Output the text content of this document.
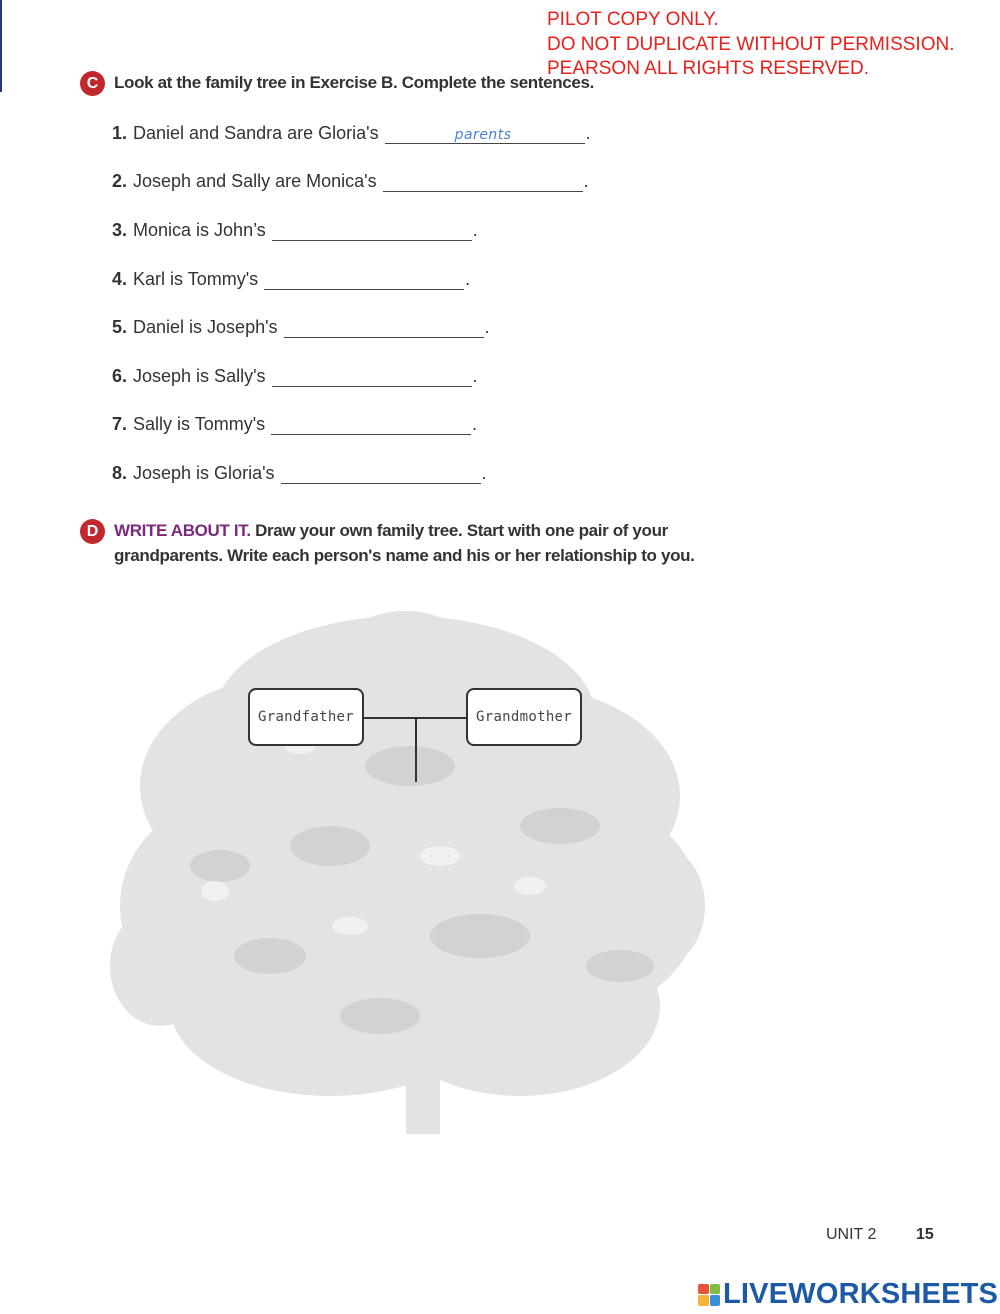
PILOT COPY ONLY.
DO NOT DUPLICATE WITHOUT PERMISSION.
PEARSON ALL RIGHTS RESERVED.
C Look at the family tree in Exercise B. Complete the sentences.
1. Daniel and Sandra are Gloria's	parents	.
2. Joseph and Sally are Monica's	.
3. Monica is John’s	.
4. Karl is Tommy's	.
5. Daniel is Joseph's	.
6. Joseph is Sally's	.
7. Sally is Tommy's	.
8. Joseph is Gloria's	.
D WRITE ABOUT IT. Draw your own family tree. Start with one pair of your
grandparents. Write each person's name and his or her relationship to you.
Grandfather	Grandmother
UNIT 2 15
LIVEWORKSHEETS
